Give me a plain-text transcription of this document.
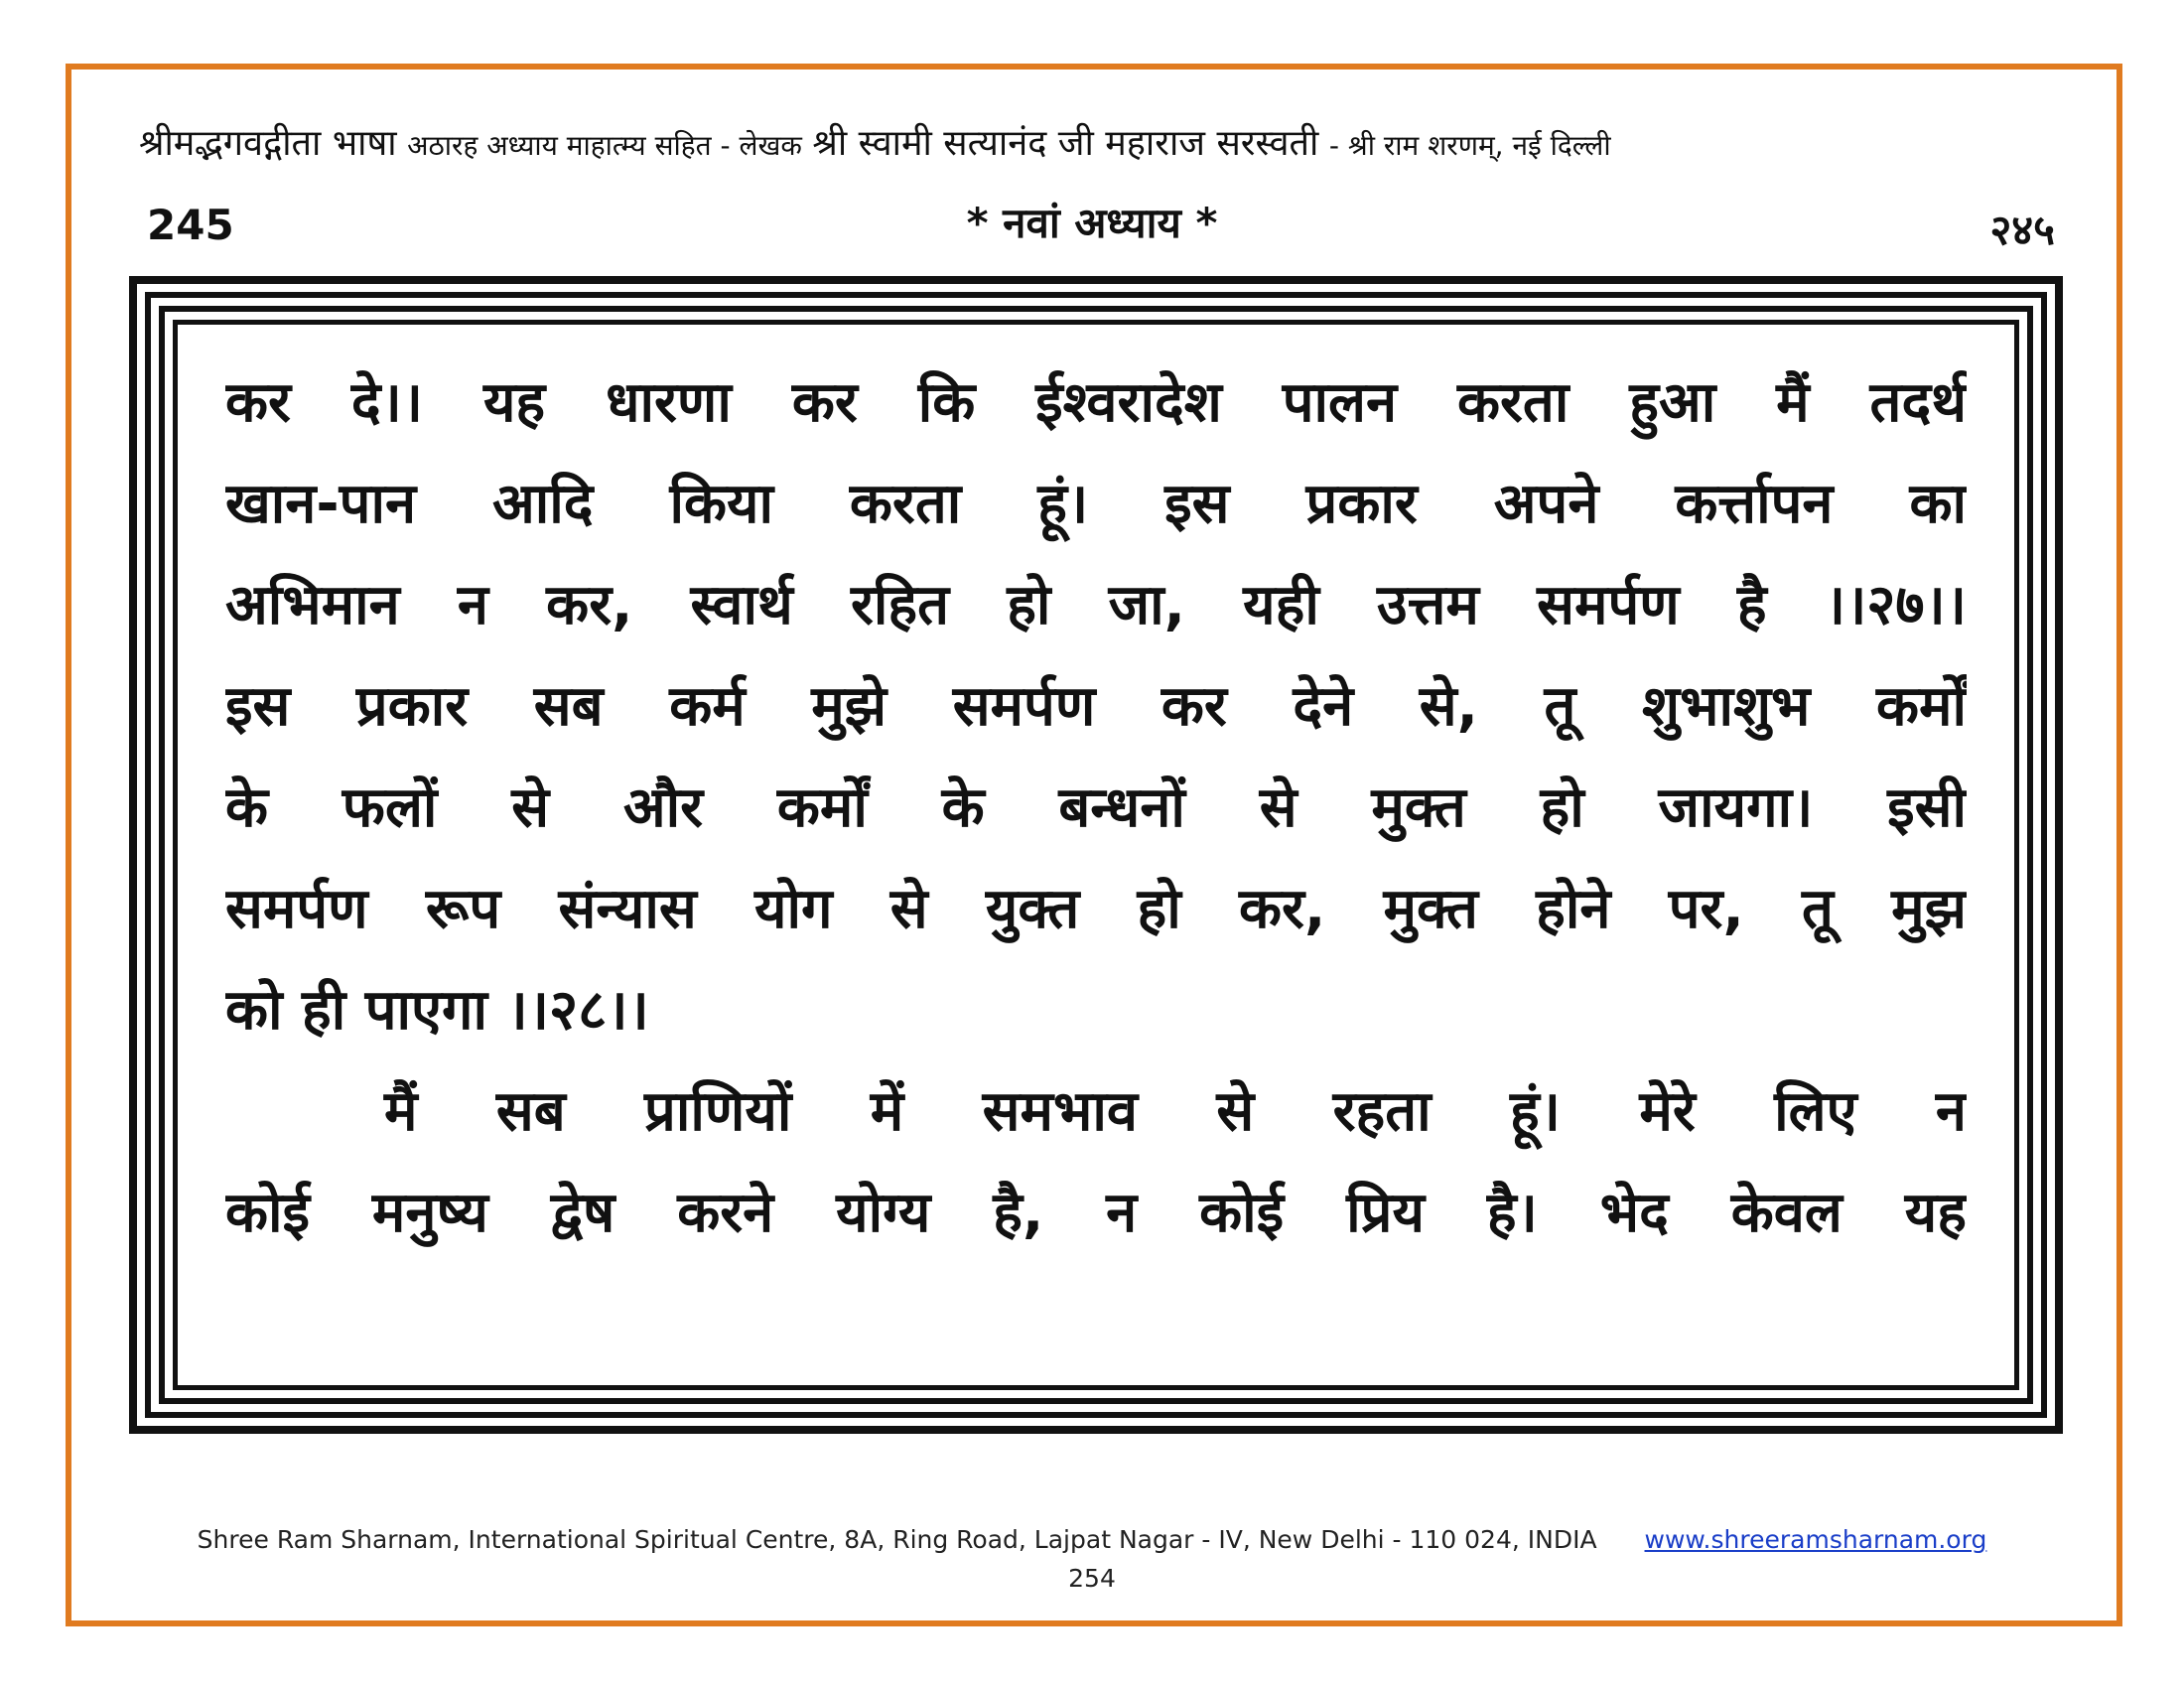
श्रीमद्भगवद्गीता भाषा अठारह अध्याय माहात्म्य सहित - लेखक श्री स्वामी सत्यानंद जी महाराज सरस्वती - श्री राम शरणम्, नई दिल्ली
245	* नवां अध्याय *	२४५
कर दे।। यह धारणा कर कि ईश्वरादेश पालन करता हुआ मैं तदर्थ
खान-पान आदि किया करता हूं। इस प्रकार अपने कर्त्तापन का
अभिमान न कर, स्वार्थ रहित हो जा, यही उत्तम समर्पण है ।।२७।।
इस प्रकार सब कर्म मुझे समर्पण कर देने से, तू शुभाशुभ कर्मों
के फलों से और कर्मों के बन्धनों से मुक्त हो जायगा। इसी
समर्पण रूप संन्यास योग से युक्त हो कर, मुक्त होने पर, तू मुझ
को ही पाएगा ।।२८।।
मैं सब प्राणियों में समभाव से रहता हूं। मेरे लिए न
कोई मनुष्य द्वेष करने योग्य है, न कोई प्रिय है। भेद केवल यह
Shree Ram Sharnam, International Spiritual Centre, 8A, Ring Road, Lajpat Nagar - IV, New Delhi - 110 024, INDIA www.shreeramsharnam.org
254
